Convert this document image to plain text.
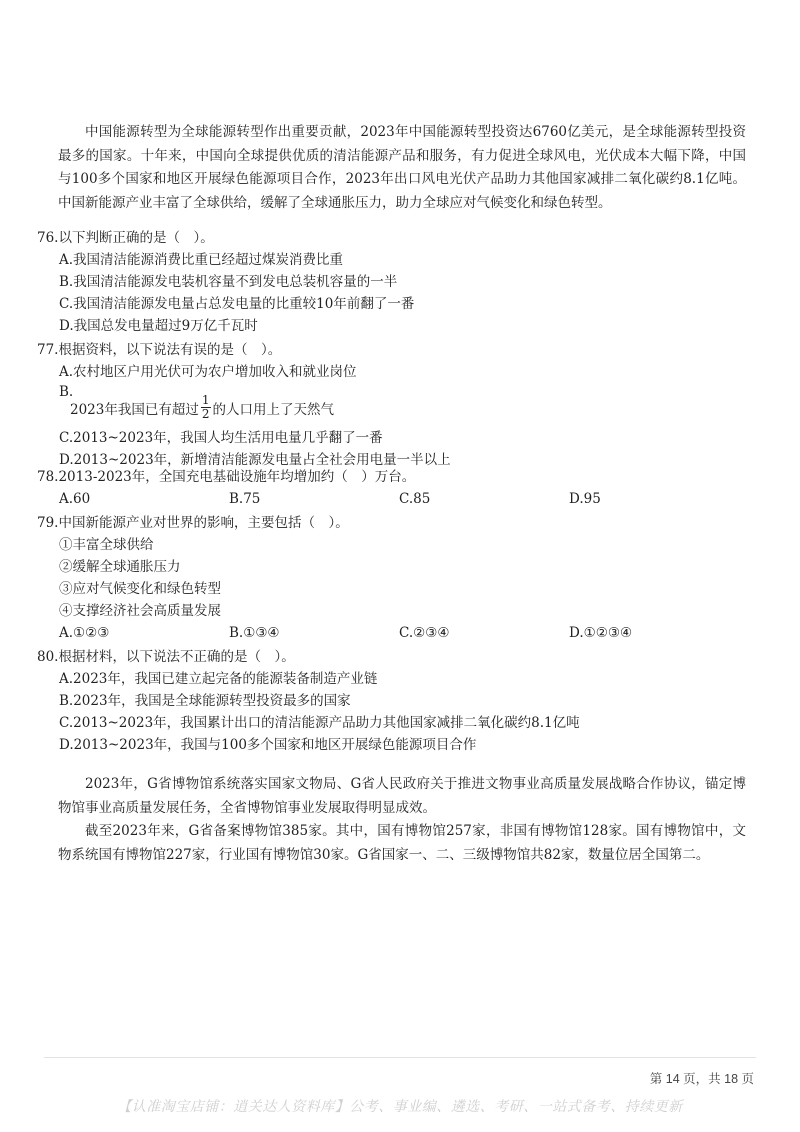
中国能源转型为全球能源转型作出重要贡献，2023年中国能源转型投资达6760亿美元，是全球能源转型投资最多的国家。十年来，中国向全球提供优质的清洁能源产品和服务，有力促进全球风电，光伏成本大幅下降，中国与100多个国家和地区开展绿色能源项目合作，2023年出口风电光伏产品助力其他国家减排二氧化碳约8.1亿吨。中国新能源产业丰富了全球供给，缓解了全球通胀压力，助力全球应对气候变化和绿色转型。

76.以下判断正确的是（　）。
A.我国清洁能源消费比重已经超过煤炭消费比重
B.我国清洁能源发电装机容量不到发电总装机容量的一半
C.我国清洁能源发电量占总发电量的比重较10年前翻了一番
D.我国总发电量超过9万亿千瓦时
77.根据资料，以下说法有误的是（　）。
A.农村地区户用光伏可为农户增加收入和就业岗位
B.
2023年我国已有超过 $\frac{1}{2}$ 的人口用上了天然气
C.2013~2023年，我国人均生活用电量几乎翻了一番
D.2013~2023年，新增清洁能源发电量占全社会用电量一半以上
78.2013-2023年，全国充电基础设施年均增加约（　）万台。
A.60	B.75	C.85	D.95
79.中国新能源产业对世界的影响，主要包括（　）。
①丰富全球供给
②缓解全球通胀压力
③应对气候变化和绿色转型
④支撑经济社会高质量发展
A.①②③	B.①③④	C.②③④	D.①②③④
80.根据材料，以下说法不正确的是（　）。
A.2023年，我国已建立起完备的能源装备制造产业链
B.2023年，我国是全球能源转型投资最多的国家
C.2013~2023年，我国累计出口的清洁能源产品助力其他国家减排二氧化碳约8.1亿吨
D.2013~2023年，我国与100多个国家和地区开展绿色能源项目合作

2023年，G省博物馆系统落实国家文物局、G省人民政府关于推进文物事业高质量发展战略合作协议，锚定博物馆事业高质量发展任务，全省博物馆事业发展取得明显成效。

截至2023年来，G省备案博物馆385家。其中，国有博物馆257家，非国有博物馆128家。国有博物馆中，文物系统国有博物馆227家，行业国有博物馆30家。G省国家一、二、三级博物馆共82家，数量位居全国第二。

第 14 页，共 18 页
【认准淘宝店铺：逍关达人资料库】公考、事业编、遴选、考研、一站式备考、持续更新
